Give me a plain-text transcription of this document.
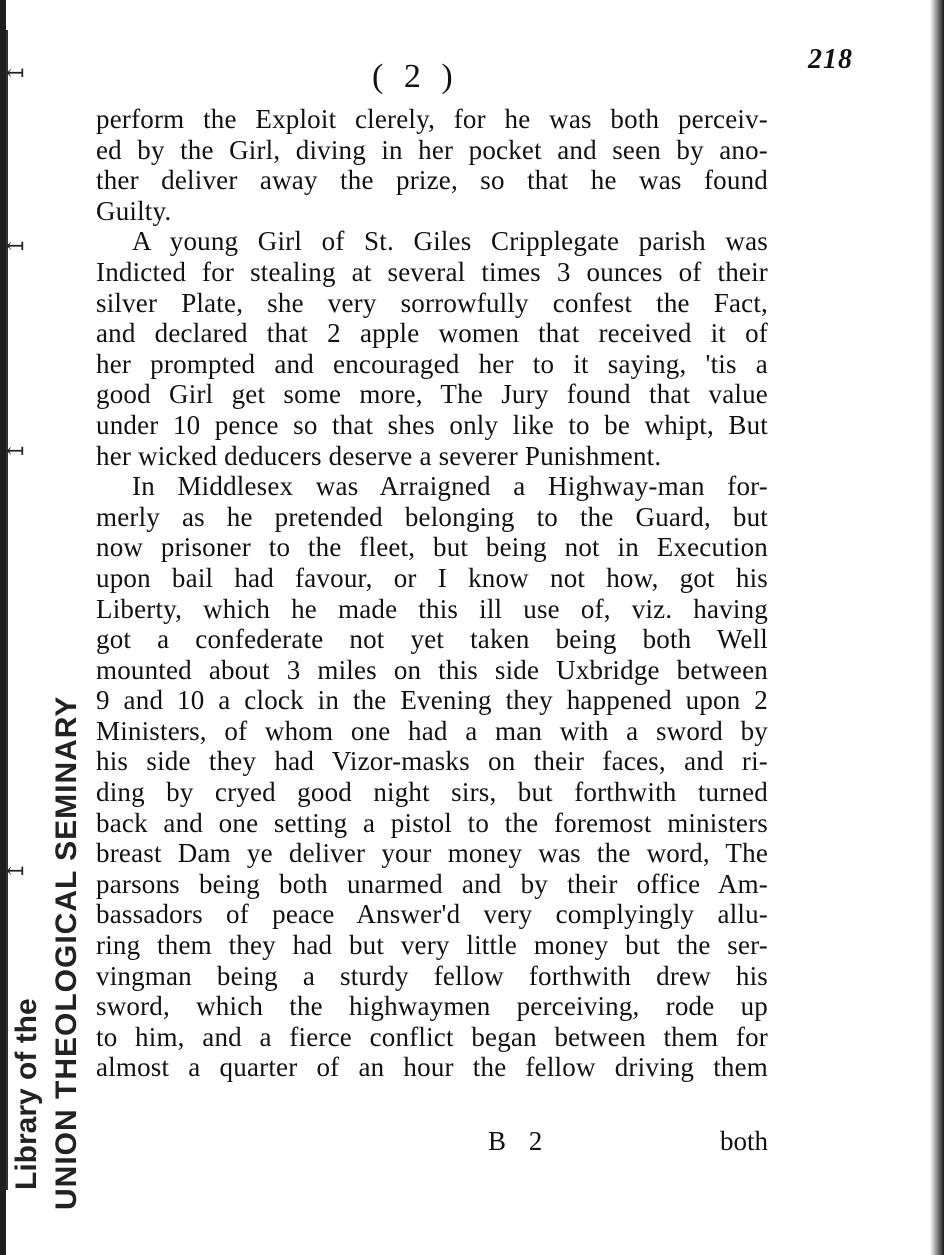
↤
↤
↤
↤
218
( 2 )
perform the Exploit clerely, for he was both perceiv-
ed by the Girl, diving in her pocket and seen by ano-
ther deliver away the prize, so that he was found
Guilty.
A young Girl of St. Giles Cripplegate parish was
Indicted for stealing at several times 3 ounces of their
silver Plate, she very sorrowfully confest the Fact,
and declared that 2 apple women that received it of
her prompted and encouraged her to it saying, 'tis a
good Girl get some more, The Jury found that value
under 10 pence so that shes only like to be whipt, But
her wicked deducers deserve a severer Punishment.
In Middlesex was Arraigned a Highway-man for-
merly as he pretended belonging to the Guard, but
now prisoner to the fleet, but being not in Execution
upon bail had favour, or I know not how, got his
Liberty, which he made this ill use of, viz. having
got a confederate not yet taken being both Well
mounted about 3 miles on this side Uxbridge between
9 and 10 a clock in the Evening they happened upon 2
Ministers, of whom one had a man with a sword by
his side they had Vizor-masks on their faces, and ri-
ding by cryed good night sirs, but forthwith turned
back and one setting a pistol to the foremost ministers
breast Dam ye deliver your money was the word, The
parsons being both unarmed and by their office Am-
bassadors of peace Answer'd very complyingly allu-
ring them they had but very little money but the ser-
vingman being a sturdy fellow forthwith drew his
sword, which the highwaymen perceiving, rode up
to him, and a fierce conflict began between them for
almost a quarter of an hour the fellow driving them
B 2	both
Library of the UNION THEOLOGICAL SEMINARY
